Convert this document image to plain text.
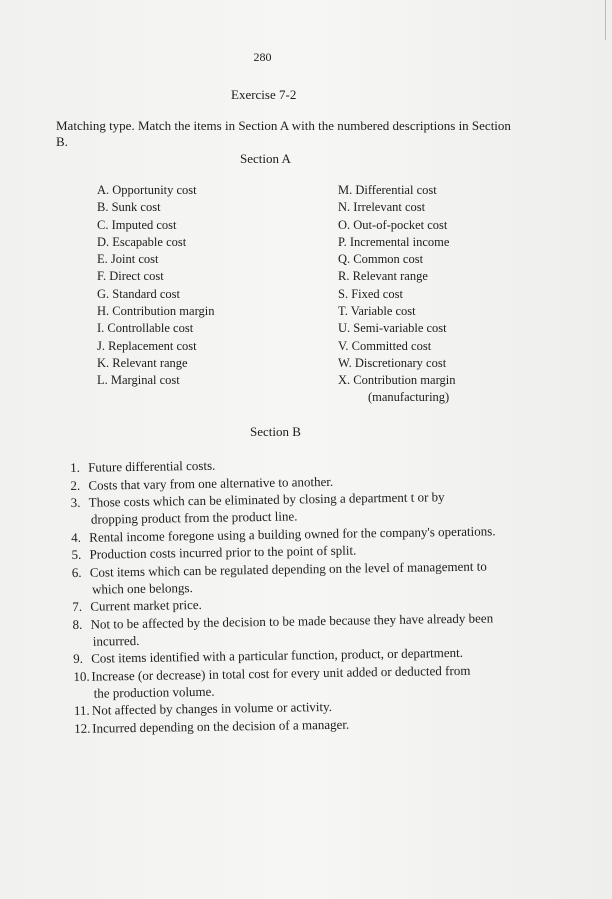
280
Exercise 7-2
Matching type. Match the items in Section A with the numbered descriptions in Section B.
Section A
A. Opportunity cost
B. Sunk cost
C. Imputed cost
D. Escapable cost
E. Joint cost
F. Direct cost
G. Standard cost
H. Contribution margin
I. Controllable cost
J. Replacement cost
K. Relevant range
L. Marginal cost
M. Differential cost
N. Irrelevant cost
O. Out-of-pocket cost
P. Incremental income
Q. Common cost
R. Relevant range
S. Fixed cost
T. Variable cost
U. Semi-variable cost
V. Committed cost
W. Discretionary cost
X. Contribution margin
(manufacturing)
Section B
1. Future differential costs.
2. Costs that vary from one alternative to another.
3. Those costs which can be eliminated by closing a department t or by
dropping product from the product line.
4. Rental income foregone using a building owned for the company's operations.
5. Production costs incurred prior to the point of split.
6. Cost items which can be regulated depending on the level of management to
which one belongs.
7. Current market price.
8. Not to be affected by the decision to be made because they have already been
incurred.
9. Cost items identified with a particular function, product, or department.
10. Increase (or decrease) in total cost for every unit added or deducted from
the production volume.
11. Not affected by changes in volume or activity.
12. Incurred depending on the decision of a manager.
